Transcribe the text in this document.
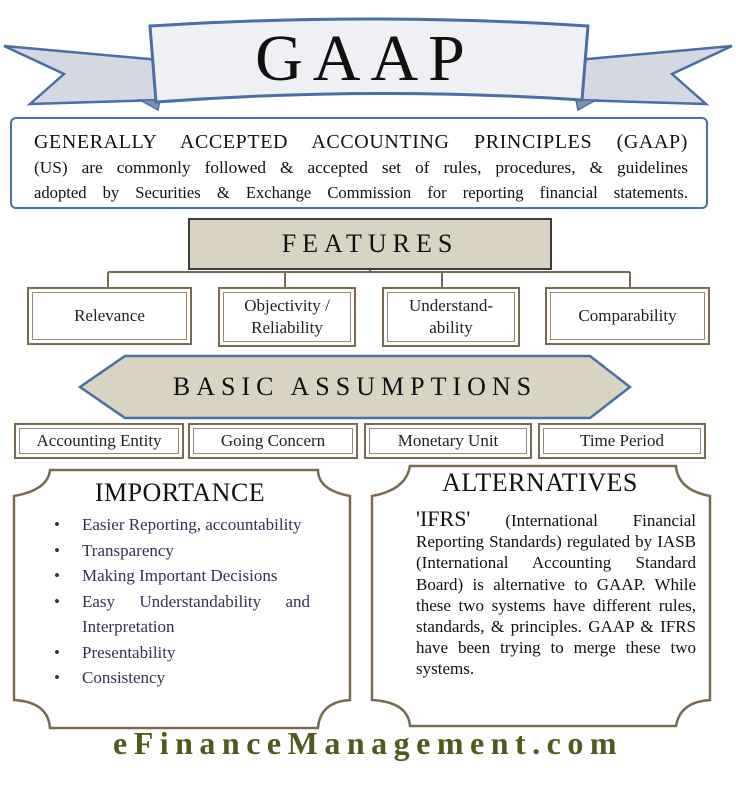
GAAP
GENERALLY ACCEPTED ACCOUNTING PRINCIPLES (GAAP)
(US) are commonly followed & accepted set of rules, procedures, & guidelines
adopted by Securities & Exchange Commission for reporting financial statements.
FEATURES
Relevance
Objectivity /
Reliability
Understand-
ability
Comparability
BASIC ASSUMPTIONS
Accounting Entity	Going Concern	Monetary Unit	Time Period
IMPORTANCE
• Easier Reporting, accountability
• Transparency
• Making Important Decisions
• Easy Understandability and Interpretation
• Presentability
• Consistency
ALTERNATIVES
'IFRS' (International Financial Reporting Standards) regulated by IASB (International Accounting Standard Board) is alternative to GAAP. While these two systems have different rules, standards, & principles. GAAP & IFRS have been trying to merge these two systems.
eFinanceManagement.com
